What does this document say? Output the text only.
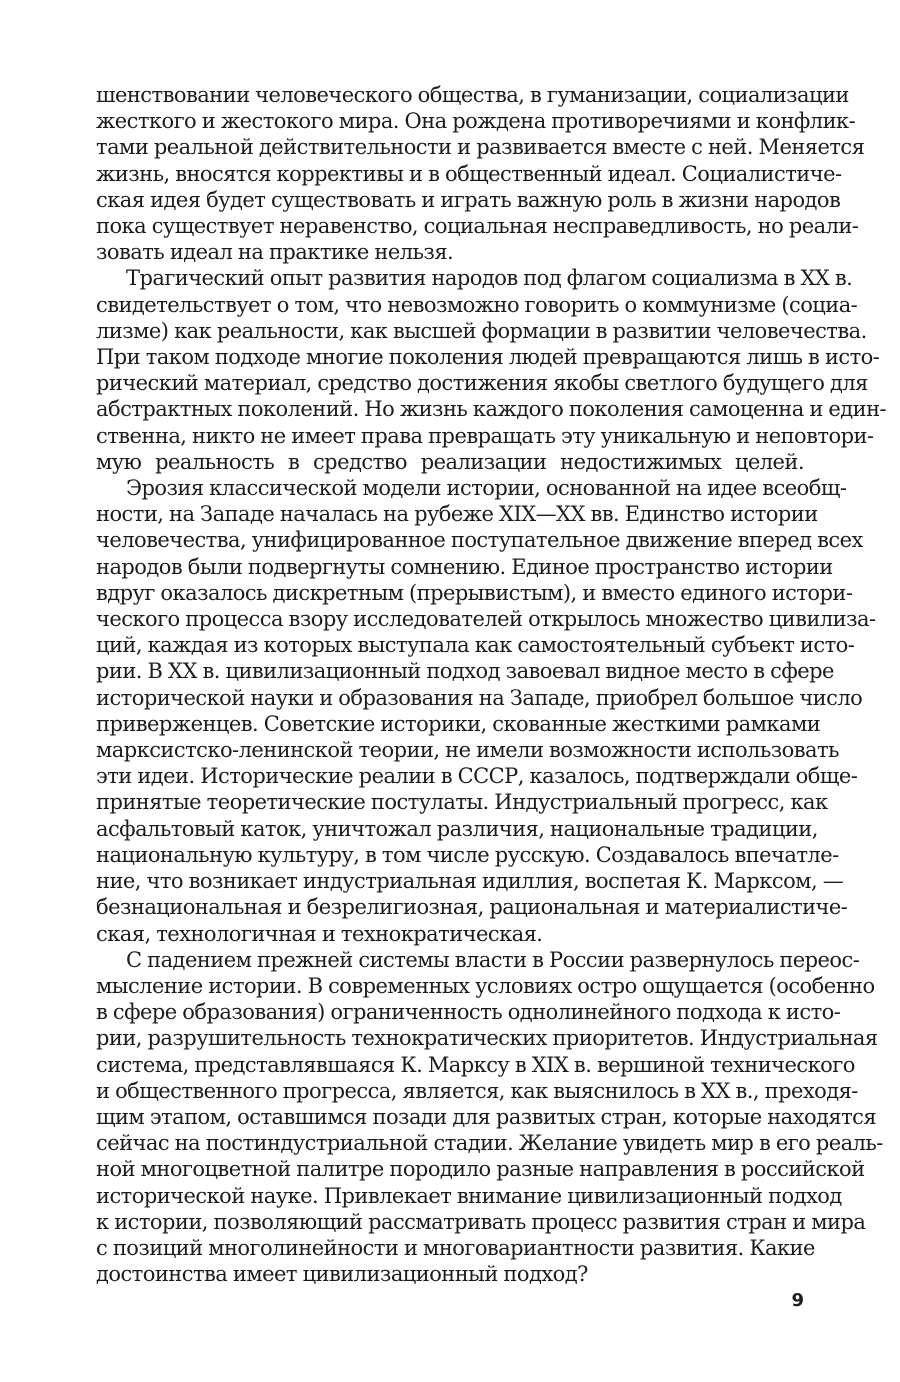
шенствовании человеческого общества, в гуманизации, социализации
жесткого и жестокого мира. Она рождена противоречиями и конфлик-
тами реальной действительности и развивается вместе с ней. Меняется
жизнь, вносятся коррективы и в общественный идеал. Социалистиче-
ская идея будет существовать и играть важную роль в жизни народов
пока существует неравенство, социальная несправедливость, но реали-
зовать идеал на практике нельзя.
Трагический опыт развития народов под флагом социализма в XX в.
свидетельствует о том, что невозможно говорить о коммунизме (социа-
лизме) как реальности, как высшей формации в развитии человечества.
При таком подходе многие поколения людей превращаются лишь в исто-
рический материал, средство достижения якобы светлого будущего для
абстрактных поколений. Но жизнь каждого поколения самоценна и един-
ственна, никто не имеет права превращать эту уникальную и неповтори-
мую реальность в средство реализации недостижимых целей.
Эрозия классической модели истории, основанной на идее всеобщ-
ности, на Западе началась на рубеже XIX—XX вв. Единство истории
человечества, унифицированное поступательное движение вперед всех
народов были подвергнуты сомнению. Единое пространство истории
вдруг оказалось дискретным (прерывистым), и вместо единого истори-
ческого процесса взору исследователей открылось множество цивилиза-
ций, каждая из которых выступала как самостоятельный субъект исто-
рии. В XX в. цивилизационный подход завоевал видное место в сфере
исторической науки и образования на Западе, приобрел большое число
приверженцев. Советские историки, скованные жесткими рамками
марксистско-ленинской теории, не имели возможности использовать
эти идеи. Исторические реалии в СССР, казалось, подтверждали обще-
принятые теоретические постулаты. Индустриальный прогресс, как
асфальтовый каток, уничтожал различия, национальные традиции,
национальную культуру, в том числе русскую. Создавалось впечатле-
ние, что возникает индустриальная идиллия, воспетая К. Марксом, —
безнациональная и безрелигиозная, рациональная и материалистиче-
ская, технологичная и технократическая.
С падением прежней системы власти в России развернулось переос-
мысление истории. В современных условиях остро ощущается (особенно
в сфере образования) ограниченность однолинейного подхода к исто-
рии, разрушительность технократических приоритетов. Индустриальная
система, представлявшаяся К. Марксу в XIX в. вершиной технического
и общественного прогресса, является, как выяснилось в XX в., преходя-
щим этапом, оставшимся позади для развитых стран, которые находятся
сейчас на постиндустриальной стадии. Желание увидеть мир в его реаль-
ной многоцветной палитре породило разные направления в российской
исторической науке. Привлекает внимание цивилизационный подход
к истории, позволяющий рассматривать процесс развития стран и мира
с позиций многолинейности и многовариантности развития. Какие
достоинства имеет цивилизационный подход?
9
